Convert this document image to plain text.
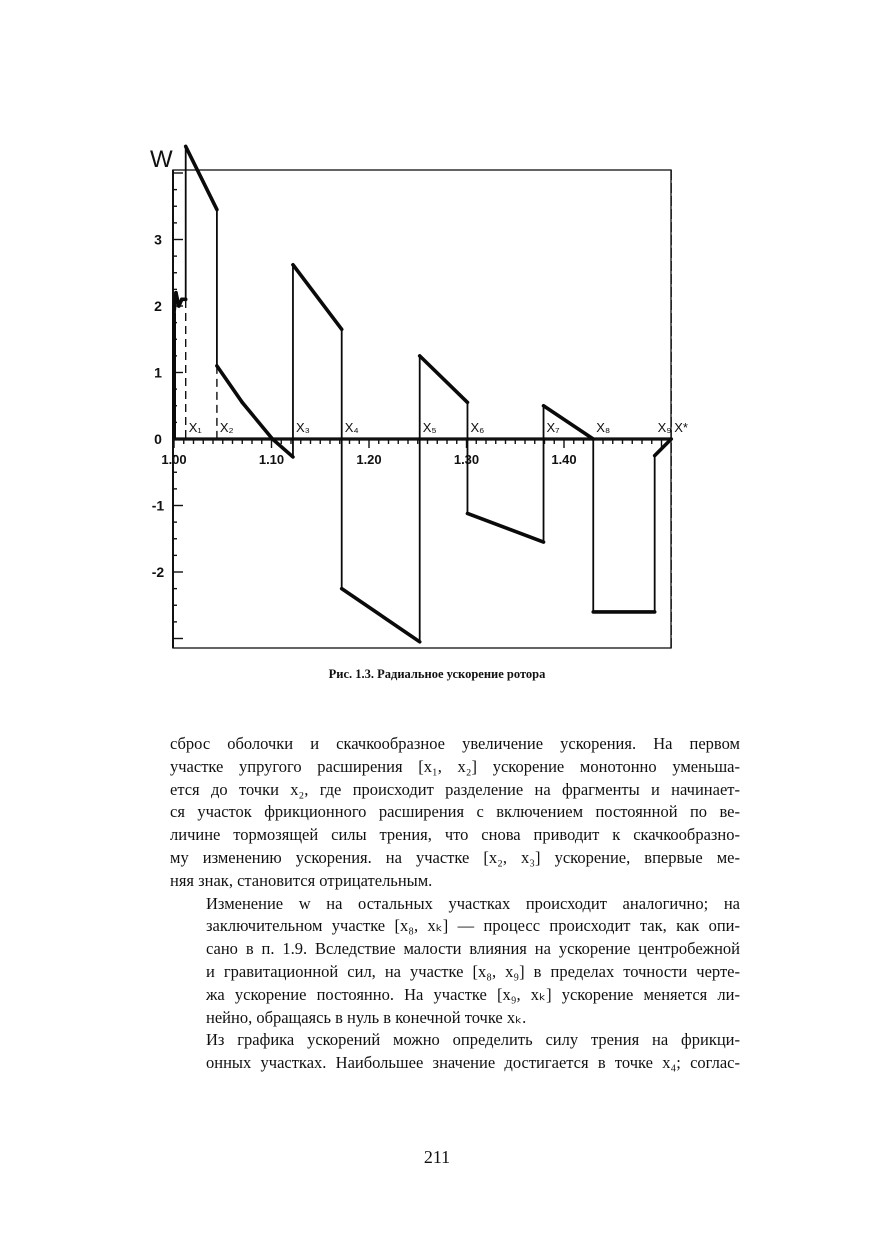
1.00	1.10	1.20	1.30	1.40
-2
-1
0
1
2
3
X₁ X₂	X₃	X₄	X₅	X₆	X₇	X₈	X₉ X*
W
Рис. 1.3. Радиальное ускорение ротора

сброс оболочки и скачкообразное увеличение ускорения. На первом
участке упругого расширения [x₁, x₂] ускорение монотонно уменьша-
ется до точки x₂, где происходит разделение на фрагменты и начинает-
ся участок фрикционного расширения с включением постоянной по ве-
личине тормозящей силы трения, что снова приводит к скачкообразно-
му изменению ускорения. на участке [x₂, x₃] ускорение, впервые ме-
няя знак, становится отрицательным.

Изменение w на остальных участках происходит аналогично; на
заключительном участке [x₈, xₖ] — процесс происходит так, как опи-
сано в п. 1.9. Вследствие малости влияния на ускорение центробежной
и гравитационной сил, на участке [x₈, x₉] в пределах точности черте-
жа ускорение постоянно. На участке [x₉, xₖ] ускорение меняется ли-
нейно, обращаясь в нуль в конечной точке xₖ.

Из графика ускорений можно определить силу трения на фрикци-
онных участках. Наибольшее значение достигается в точке x₄; соглас-

211
